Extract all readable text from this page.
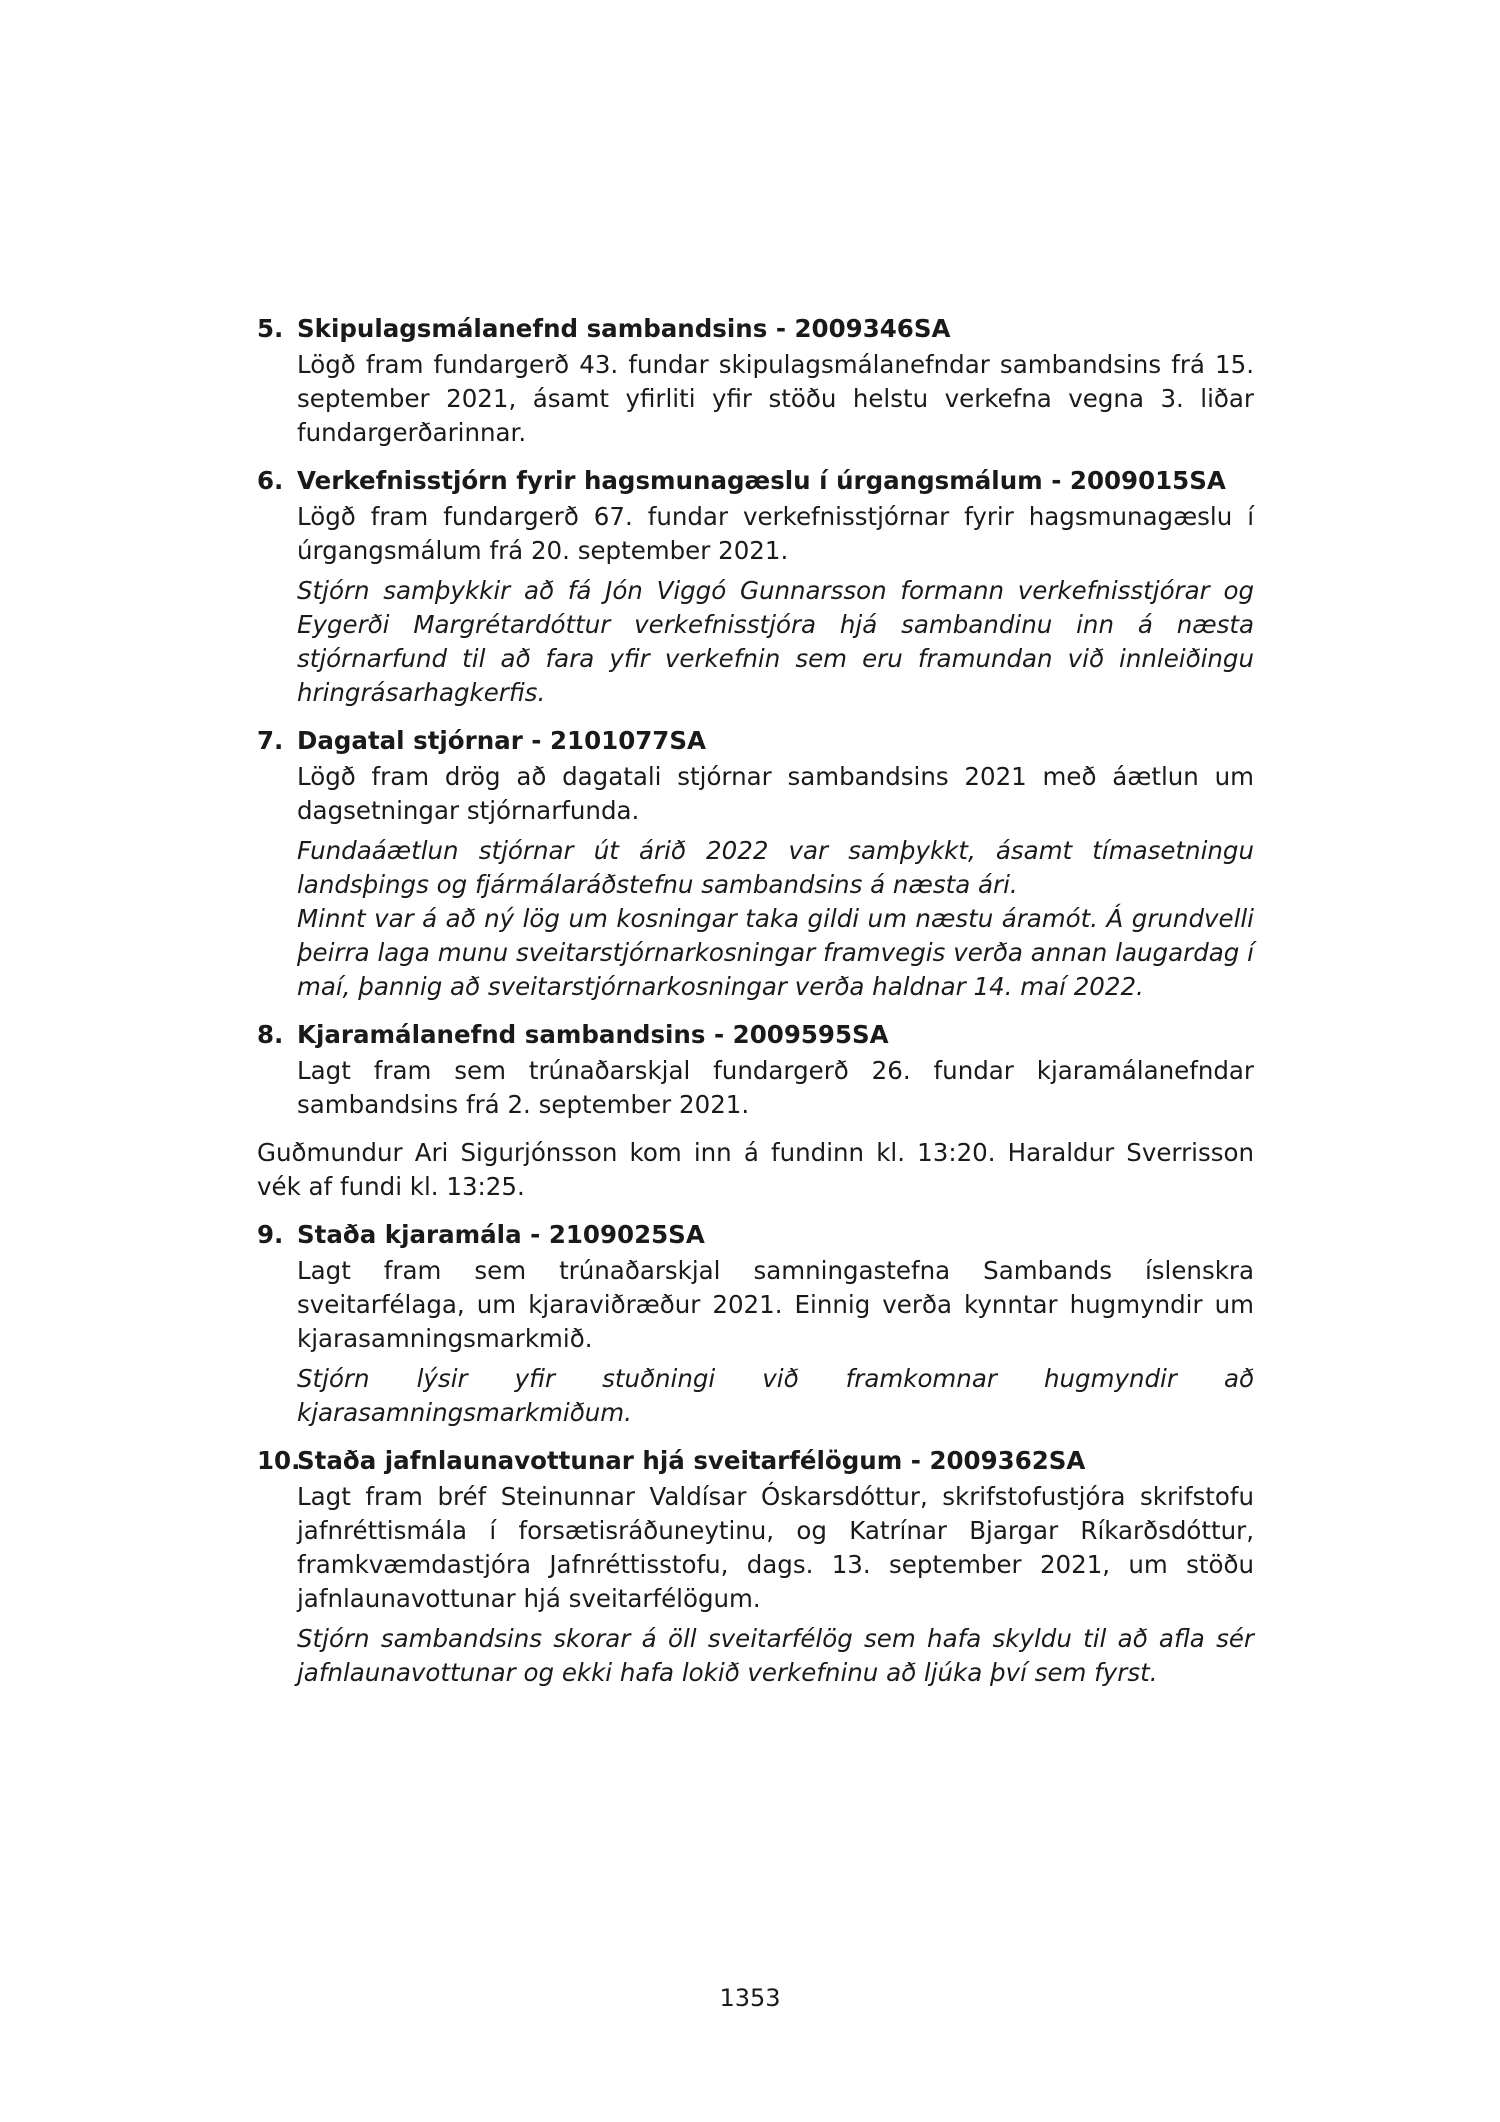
5. Skipulagsmálanefnd sambandsins - 2009346SA

Lögð fram fundargerð 43. fundar skipulagsmálanefndar sambandsins frá 15. september 2021, ásamt yfirliti yfir stöðu helstu verkefna vegna 3. liðar fundargerðarinnar.

6. Verkefnisstjórn fyrir hagsmunagæslu í úrgangsmálum - 2009015SA

Lögð fram fundargerð 67. fundar verkefnisstjórnar fyrir hagsmunagæslu í úrgangsmálum frá 20. september 2021.

Stjórn samþykkir að fá Jón Viggó Gunnarsson formann verkefnisstjórar og Eygerði Margrétardóttur verkefnisstjóra hjá sambandinu inn á næsta stjórnarfund til að fara yfir verkefnin sem eru framundan við innleiðingu hringrásarhagkerfis.

7. Dagatal stjórnar - 2101077SA

Lögð fram drög að dagatali stjórnar sambandsins 2021 með áætlun um dagsetningar stjórnarfunda.

Fundaáætlun stjórnar út árið 2022 var samþykkt, ásamt tímasetningu landsþings og fjármálaráðstefnu sambandsins á næsta ári.

Minnt var á að ný lög um kosningar taka gildi um næstu áramót. Á grundvelli þeirra laga munu sveitarstjórnarkosningar framvegis verða annan laugardag í maí, þannig að sveitarstjórnarkosningar verða haldnar 14. maí 2022.

8. Kjaramálanefnd sambandsins - 2009595SA

Lagt fram sem trúnaðarskjal fundargerð 26. fundar kjaramálanefndar sambandsins frá 2. september 2021.

Guðmundur Ari Sigurjónsson kom inn á fundinn kl. 13:20. Haraldur Sverrisson vék af fundi kl. 13:25.

9. Staða kjaramála - 2109025SA

Lagt fram sem trúnaðarskjal samningastefna Sambands íslenskra sveitarfélaga, um kjaraviðræður 2021. Einnig verða kynntar hugmyndir um kjarasamningsmarkmið.

Stjórn lýsir yfir stuðningi við framkomnar hugmyndir að kjarasamningsmarkmiðum.

10.
Staða jafnlaunavottunar hjá sveitarfélögum - 2009362SA

Lagt fram bréf Steinunnar Valdísar Óskarsdóttur, skrifstofustjóra skrifstofu jafnréttismála í forsætisráðuneytinu, og Katrínar Bjargar Ríkarðsdóttur, framkvæmdastjóra Jafnréttisstofu, dags. 13. september 2021, um stöðu jafnlaunavottunar hjá sveitarfélögum.

Stjórn sambandsins skorar á öll sveitarfélög sem hafa skyldu til að afla sér jafnlaunavottunar og ekki hafa lokið verkefninu að ljúka því sem fyrst.

1353
